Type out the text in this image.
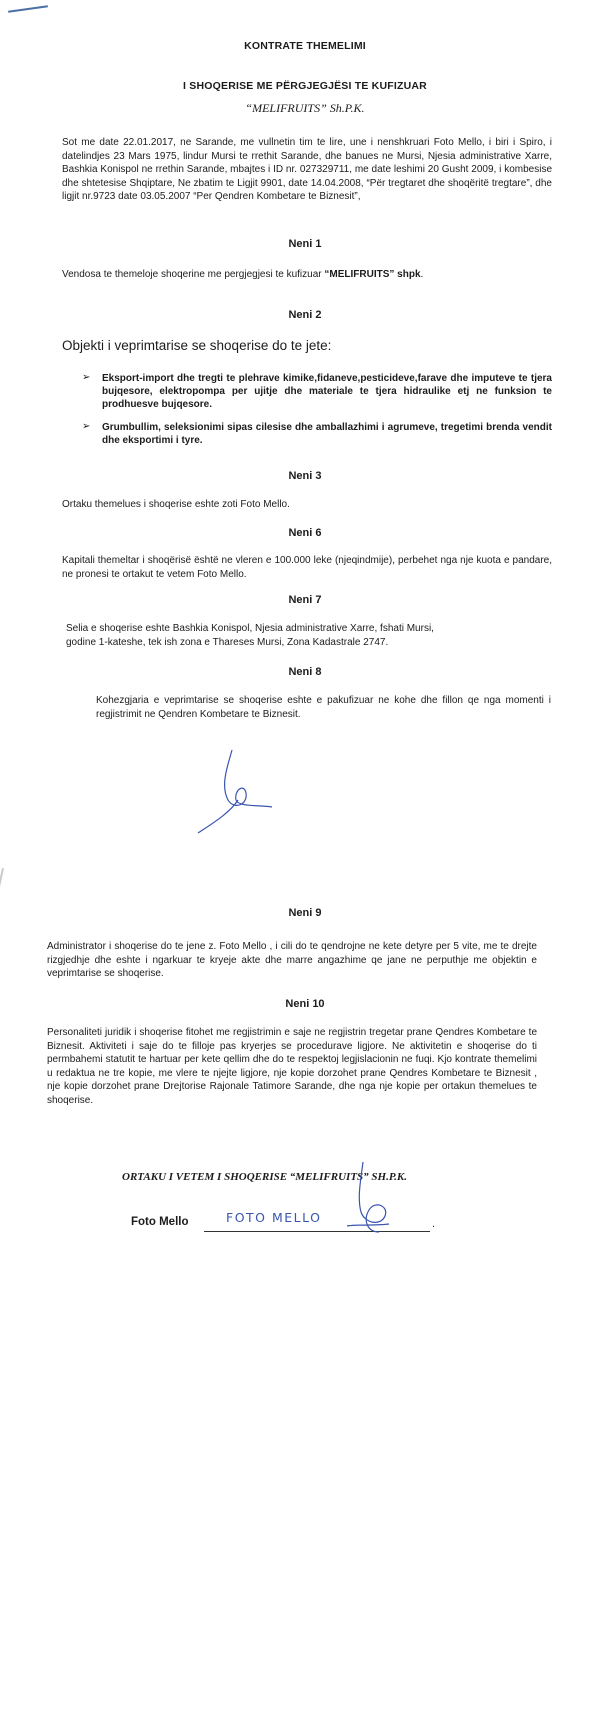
KONTRATE THEMELIMI
I SHOQERISE ME PËRGJEGJËSI TE KUFIZUAR
“MELIFRUITS” Sh.P.K.
Sot me date 22.01.2017, ne Sarande, me vullnetin tim te lire, une i nenshkruari Foto Mello, i biri i Spiro, i datelindjes 23 Mars 1975, lindur Mursi te rrethit Sarande, dhe banues ne Mursi, Njesia administrative Xarre, Bashkia Konispol ne rrethin Sarande, mbajtes i ID nr. 027329711, me date leshimi 20 Gusht 2009, i kombesise dhe shtetesise Shqiptare, Ne zbatim te Ligjit 9901, date 14.04.2008, “Për tregtaret dhe shoqëritë tregtare”, dhe ligjit nr.9723 date 03.05.2007 “Per Qendren Kombetare te Biznesit”,
Neni 1
Vendosa te themeloje shoqerine me pergjegjesi te kufizuar “MELIFRUITS” shpk.
Neni 2
Objekti i veprimtarise se shoqerise do te jete:
➢	Eksport-import dhe tregti te plehrave kimike,fidaneve,pesticideve,farave dhe imputeve te tjera bujqesore, elektropompa per ujitje dhe materiale te tjera hidraulike etj ne funksion te prodhuesve bujqesore.
➢	Grumbullim, seleksionimi sipas cilesise dhe amballazhimi i agrumeve, tregetimi brenda vendit dhe eksportimi i tyre.
Neni 3
Ortaku themelues i shoqerise eshte zoti Foto Mello.
Neni 6
Kapitali themeltar i shoqërisë është ne vleren e 100.000 leke (njeqindmije), perbehet nga nje kuota e pandare, ne pronesi te ortakut te vetem Foto Mello.
Neni 7
Selia e shoqerise eshte Bashkia Konispol, Njesia administrative Xarre, fshati Mursi,
godine 1-kateshe, tek ish zona e Thareses Mursi, Zona Kadastrale 2747.
Neni 8
Kohezgjaria e veprimtarise se shoqerise eshte e pakufizuar ne kohe dhe fillon qe nga momenti i regjistrimit ne Qendren Kombetare te Biznesit.
Neni 9
Administrator i shoqerise do te jene z. Foto Mello , i cili do te qendrojne ne kete detyre per 5 vite, me te drejte rizgjedhje dhe eshte i ngarkuar te kryeje akte dhe marre angazhime qe jane ne perputhje me objektin e veprimtarise se shoqerise.
Neni 10
Personaliteti juridik i shoqerise fitohet me regjistrimin e saje ne regjistrin tregetar prane Qendres Kombetare te Biznesit. Aktiviteti i saje do te filloje pas kryerjes se procedurave ligjore. Ne aktivitetin e shoqerise do ti permbahemi statutit te hartuar per kete qellim dhe do te respektoj legjislacionin ne fuqi. Kjo kontrate themelimi u redaktua ne tre kopie, me vlere te njejte ligjore, nje kopie dorzohet prane Qendres Kombetare te Biznesit , nje kopie dorzohet prane Drejtorise Rajonale Tatimore Sarande, dhe nga nje kopie per ortakun themelues te shoqerise.
ORTAKU I VETEM I SHOQERISE “MELIFRUITS” SH.P.K.
Foto Mello	FOTO MELLO	.
